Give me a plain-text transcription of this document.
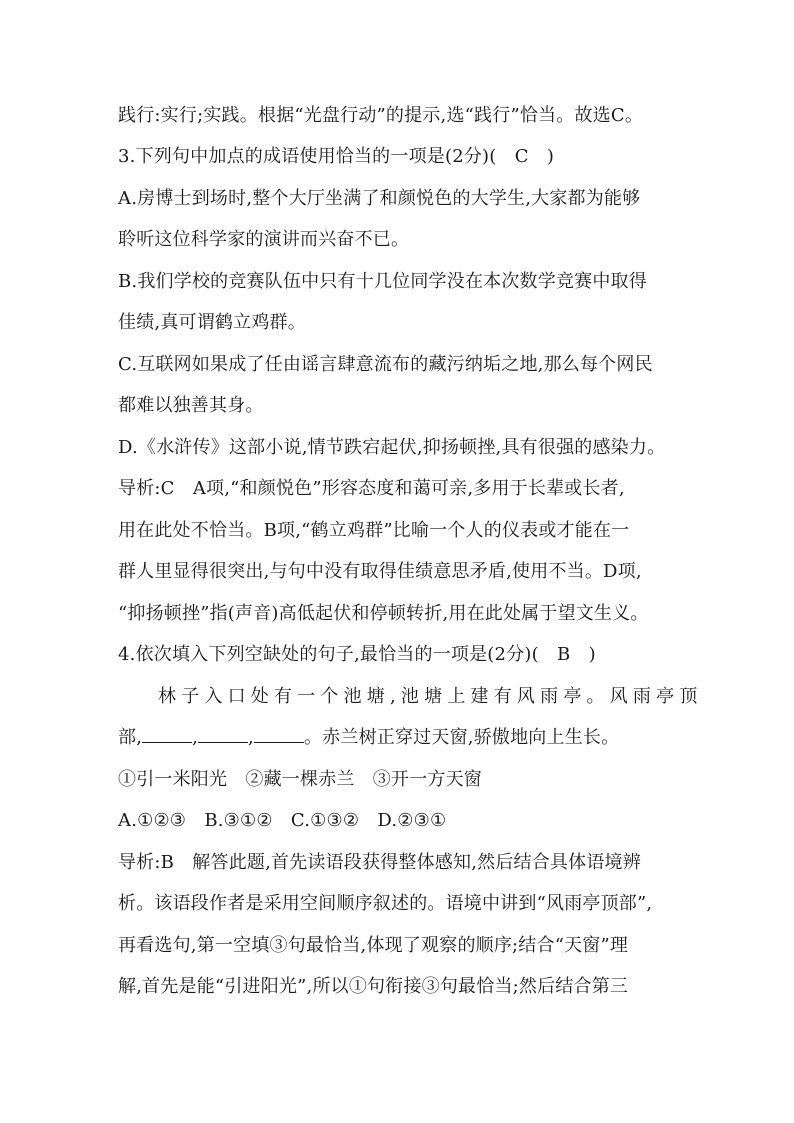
践行:实行;实践。根据“光盘行动”的提示,选“践行”恰当。故选C。
3.下列句中加点的成语使用恰当的一项是(2分)(　C　)
A.房博士到场时,整个大厅坐满了和颜悦色的大学生,大家都为能够
聆听这位科学家的演讲而兴奋不已。
B.我们学校的竞赛队伍中只有十几位同学没在本次数学竞赛中取得
佳绩,真可谓鹤立鸡群。
C.互联网如果成了任由谣言肆意流布的藏污纳垢之地,那么每个网民
都难以独善其身。
D.《水浒传》这部小说,情节跌宕起伏,抑扬顿挫,具有很强的感染力。
导析:C　A项,“和颜悦色”形容态度和蔼可亲,多用于长辈或长者,
用在此处不恰当。B项,“鹤立鸡群”比喻一个人的仪表或才能在一
群人里显得很突出,与句中没有取得佳绩意思矛盾,使用不当。D项,
“抑扬顿挫”指(声音)高低起伏和停顿转折,用在此处属于望文生义。
4.依次填入下列空缺处的句子,最恰当的一项是(2分)(　B　)
林子入口处有一个池塘,池塘上建有风雨亭。风雨亭顶
部,	,	,	。赤兰树正穿过天窗,骄傲地向上生长。
①引一米阳光　②藏一棵赤兰　③开一方天窗
A.①②③　B.③①②　C.①③②　D.②③①
导析:B　解答此题,首先读语段获得整体感知,然后结合具体语境辨
析。该语段作者是采用空间顺序叙述的。语境中讲到“风雨亭顶部”,
再看选句,第一空填③句最恰当,体现了观察的顺序;结合“天窗”理
解,首先是能“引进阳光”,所以①句衔接③句最恰当;然后结合第三
